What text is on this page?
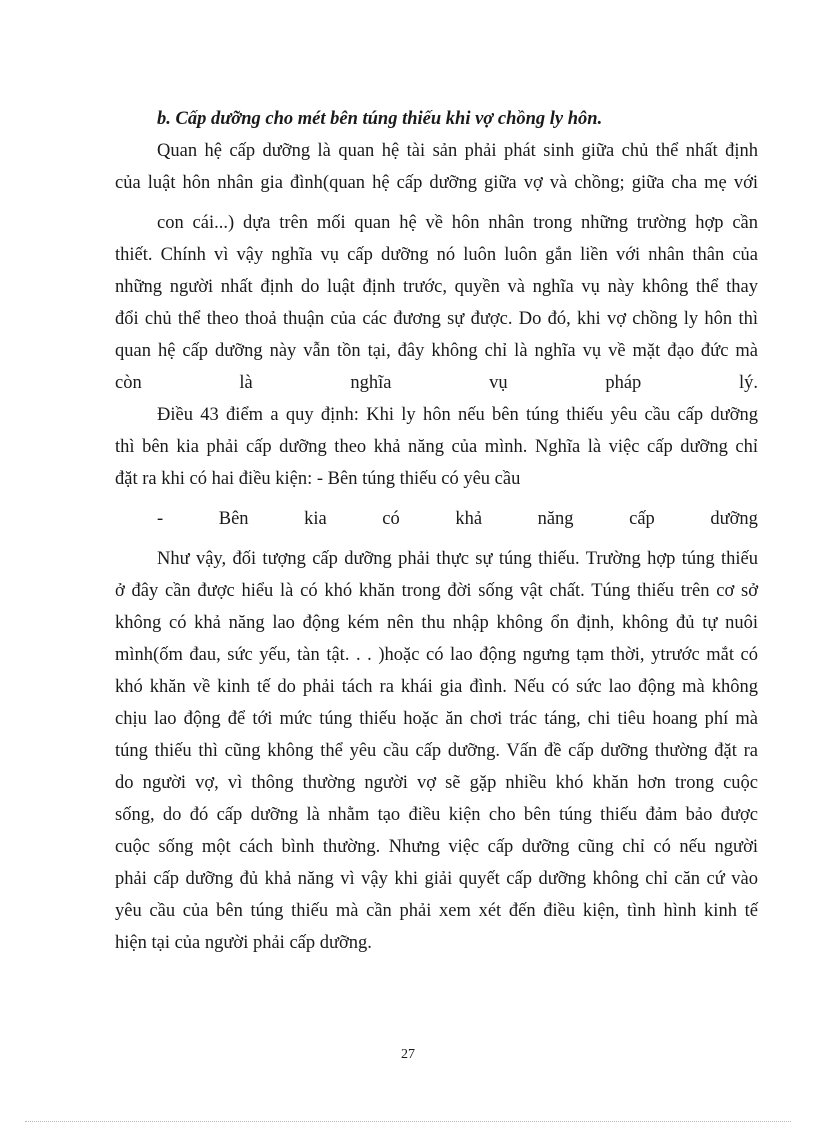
b. Cấp dưỡng cho mét bên túng thiếu khi vợ chồng ly hôn.

Quan hệ cấp dưỡng là quan hệ tài sản phải phát sinh giữa chủ thể nhất định
của luật hôn nhân gia đình(quan hệ cấp dưỡng giữa vợ và chồng; giữa cha mẹ với

con cái...) dựa trên mối quan hệ về hôn nhân trong những trường hợp cần
thiết. Chính vì vậy nghĩa vụ cấp dưỡng nó luôn luôn gắn liền với nhân thân của
những người nhất định do luật định trước, quyền và nghĩa vụ này không thể thay
đổi chủ thể theo thoả thuận của các đương sự được. Do đó, khi vợ chồng ly hôn thì
quan hệ cấp dưỡng này vẫn tồn tại, đây không chỉ là nghĩa vụ về mặt đạo đức mà

còn	là	nghĩa	vụ	pháp	lý.

Điều 43 điểm a quy định: Khi ly hôn nếu bên túng thiếu yêu cầu cấp dưỡng
thì bên kia phải cấp dưỡng theo khả năng của mình. Nghĩa là việc cấp dưỡng chỉ
đặt ra khi có hai điều kiện: - Bên túng thiếu có yêu cầu

-	Bên	kia	có	khả	năng	cấp	dưỡng

Như vậy, đối tượng cấp dưỡng phải thực sự túng thiếu. Trường hợp túng thiếu
ở đây cần được hiểu là có khó khăn trong đời sống vật chất. Túng thiếu trên cơ sở
không có khả năng lao động kém nên thu nhập không ổn định, không đủ tự nuôi
mình(ốm đau, sức yếu, tàn tật. . . )hoặc có lao động ngưng tạm thời, ytrước mắt có
khó khăn về kinh tế do phải tách ra khái gia đình. Nếu có sức lao động mà không
chịu lao động để tới mức túng thiếu hoặc ăn chơi trác táng, chi tiêu hoang phí mà
túng thiếu thì cũng không thể yêu cầu cấp dưỡng. Vấn đề cấp dưỡng thường đặt ra
do người vợ, vì thông thường người vợ sẽ gặp nhiều khó khăn hơn trong cuộc
sống, do đó cấp dưỡng là nhằm tạo điều kiện cho bên túng thiếu đảm bảo được
cuộc sống một cách bình thường. Nhưng việc cấp dưỡng cũng chỉ có nếu người
phải cấp dưỡng đủ khả năng vì vậy khi giải quyết cấp dưỡng không chỉ căn cứ vào
yêu cầu của bên túng thiếu mà cần phải xem xét đến điều kiện, tình hình kinh tế
hiện tại của người phải cấp dưỡng.

27
